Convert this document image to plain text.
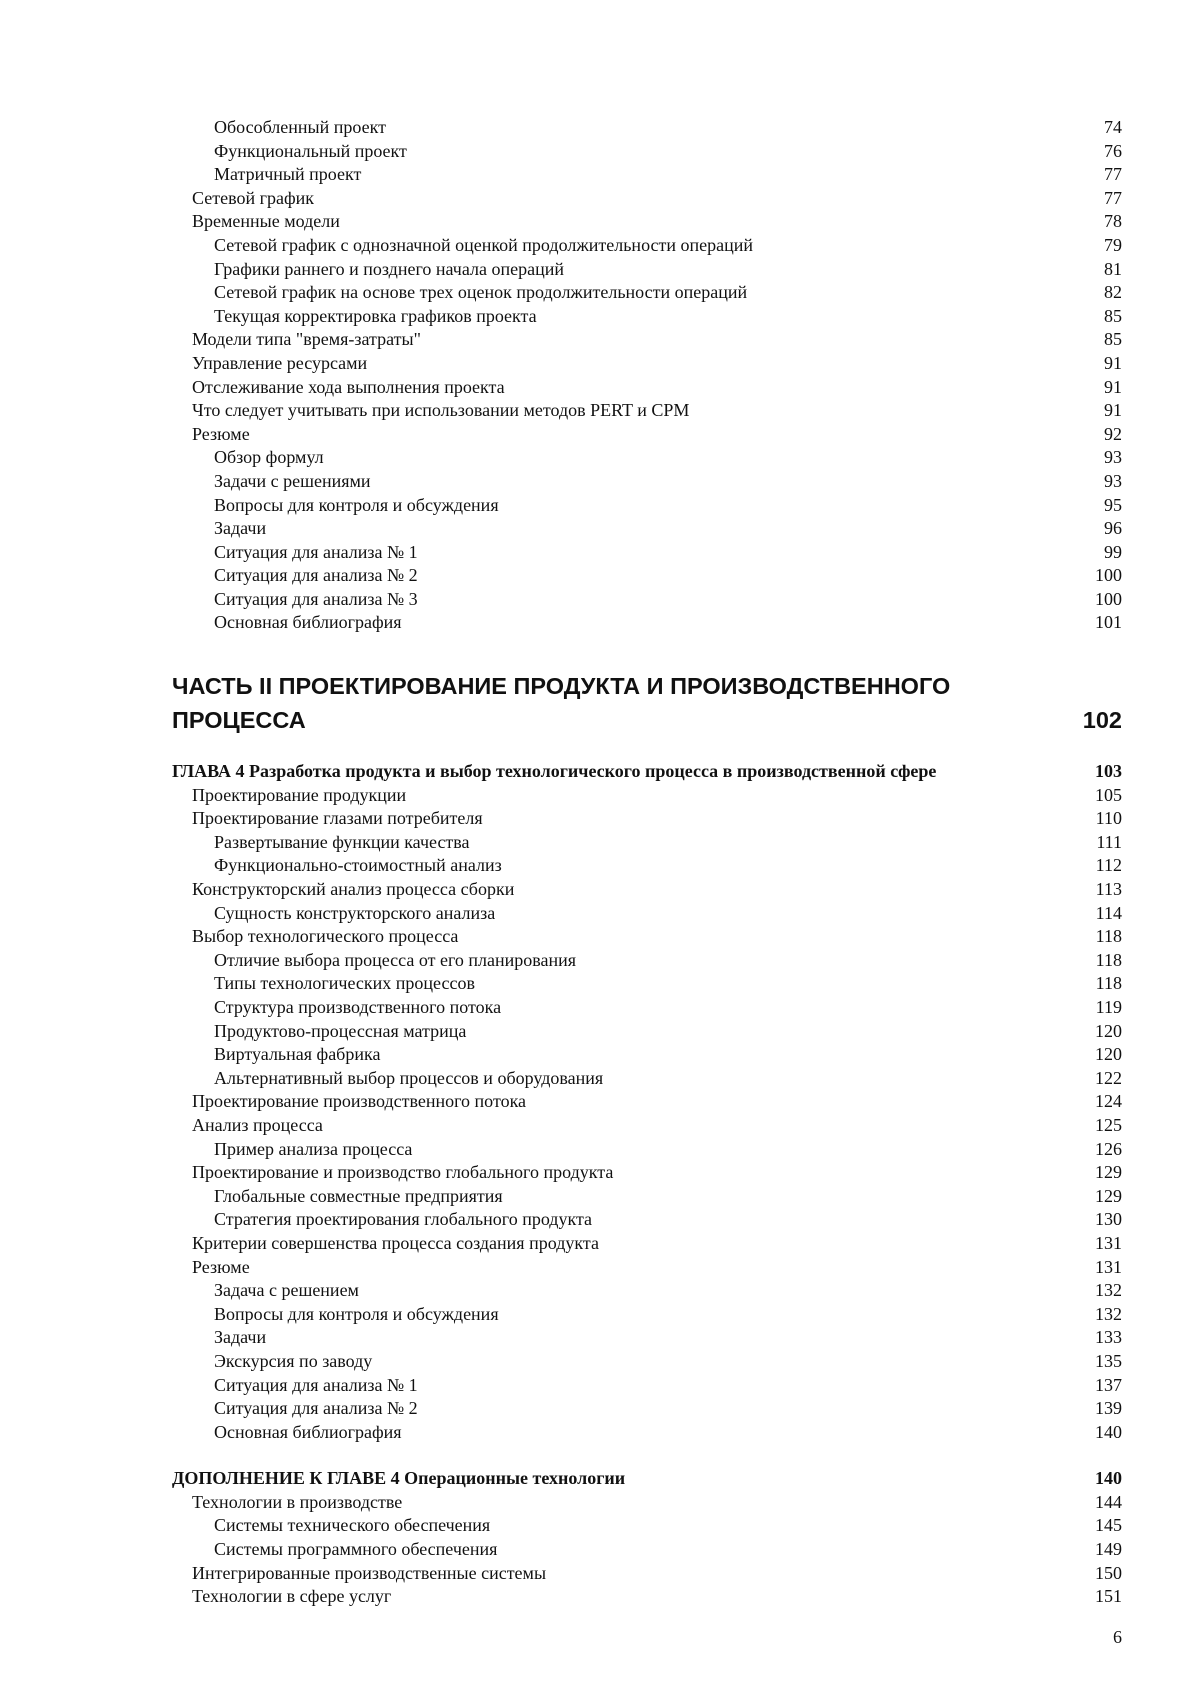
Обособленный проект	74
Функциональный проект	76
Матричный проект	77
Сетевой график	77
Временные модели	78
Сетевой график с однозначной оценкой продолжительности операций	79
Графики раннего и позднего начала операций	81
Сетевой график на основе трех оценок продолжительности операций	82
Текущая корректировка графиков проекта	85
Модели типа "время-затраты"	85
Управление ресурсами	91
Отслеживание хода выполнения проекта	91
Что следует учитывать при использовании методов PERT и CPM	91
Резюме	92
Обзор формул	93
Задачи с решениями	93
Вопросы для контроля и обсуждения	95
Задачи	96
Ситуация для анализа № 1	99
Ситуация для анализа № 2	100
Ситуация для анализа № 3	100
Основная библиография	101
ЧАСТЬ II ПРОЕКТИРОВАНИЕ ПРОДУКТА И ПРОИЗВОДСТВЕННОГО
ПРОЦЕССА	102
ГЛАВА 4 Разработка продукта и выбор технологического процесса в производственной сфере	103
Проектирование продукции	105
Проектирование глазами потребителя	110
Развертывание функции качества	111
Функционально-стоимостный анализ	112
Конструкторский анализ процесса сборки	113
Сущность конструкторского анализа	114
Выбор технологического процесса	118
Отличие выбора процесса от его планирования	118
Типы технологических процессов	118
Структура производственного потока	119
Продуктово-процессная матрица	120
Виртуальная фабрика	120
Альтернативный выбор процессов и оборудования	122
Проектирование производственного потока	124
Анализ процесса	125
Пример анализа процесса	126
Проектирование и производство глобального продукта	129
Глобальные совместные предприятия	129
Стратегия проектирования глобального продукта	130
Критерии совершенства процесса создания продукта	131
Резюме	131
Задача с решением	132
Вопросы для контроля и обсуждения	132
Задачи	133
Экскурсия по заводу	135
Ситуация для анализа № 1	137
Ситуация для анализа № 2	139
Основная библиография	140
ДОПОЛНЕНИЕ К ГЛАВЕ 4 Операционные технологии	140
Технологии в производстве	144
Системы технического обеспечения	145
Системы программного обеспечения	149
Интегрированные производственные системы	150
Технологии в сфере услуг	151
6
